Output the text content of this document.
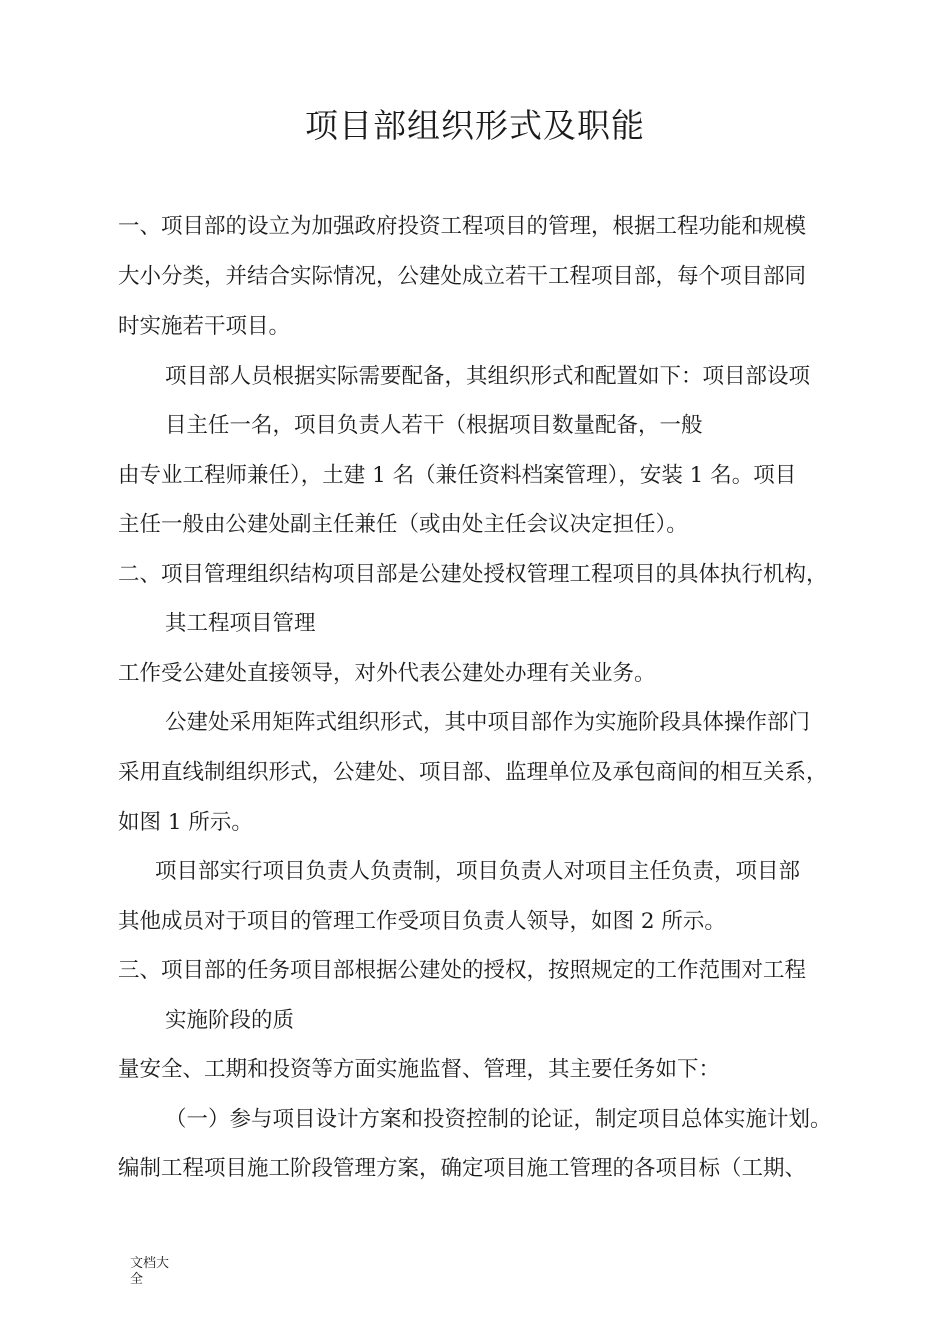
项目部组织形式及职能
一、项目部的设立为加强政府投资工程项目的管理，根据工程功能和规模
大小分类，并结合实际情况，公建处成立若干工程项目部，每个项目部同
时实施若干项目。
项目部人员根据实际需要配备，其组织形式和配置如下：项目部设项
目主任一名，项目负责人若干（根据项目数量配备，一般
由专业工程师兼任），土建 1 名（兼任资料档案管理），安装 1 名。项目
主任一般由公建处副主任兼任（或由处主任会议决定担任）。
二、项目管理组织结构项目部是公建处授权管理工程项目的具体执行机构，
其工程项目管理
工作受公建处直接领导，对外代表公建处办理有关业务。
公建处采用矩阵式组织形式，其中项目部作为实施阶段具体操作部门
采用直线制组织形式，公建处、项目部、监理单位及承包商间的相互关系，
如图 1 所示。
项目部实行项目负责人负责制，项目负责人对项目主任负责，项目部
其他成员对于项目的管理工作受项目负责人领导，如图 2 所示。
三、项目部的任务项目部根据公建处的授权，按照规定的工作范围对工程
实施阶段的质
量安全、工期和投资等方面实施监督、管理，其主要任务如下：
（一）参与项目设计方案和投资控制的论证，制定项目总体实施计划。
编制工程项目施工阶段管理方案，确定项目施工管理的各项目标（工期、
文档大
全
